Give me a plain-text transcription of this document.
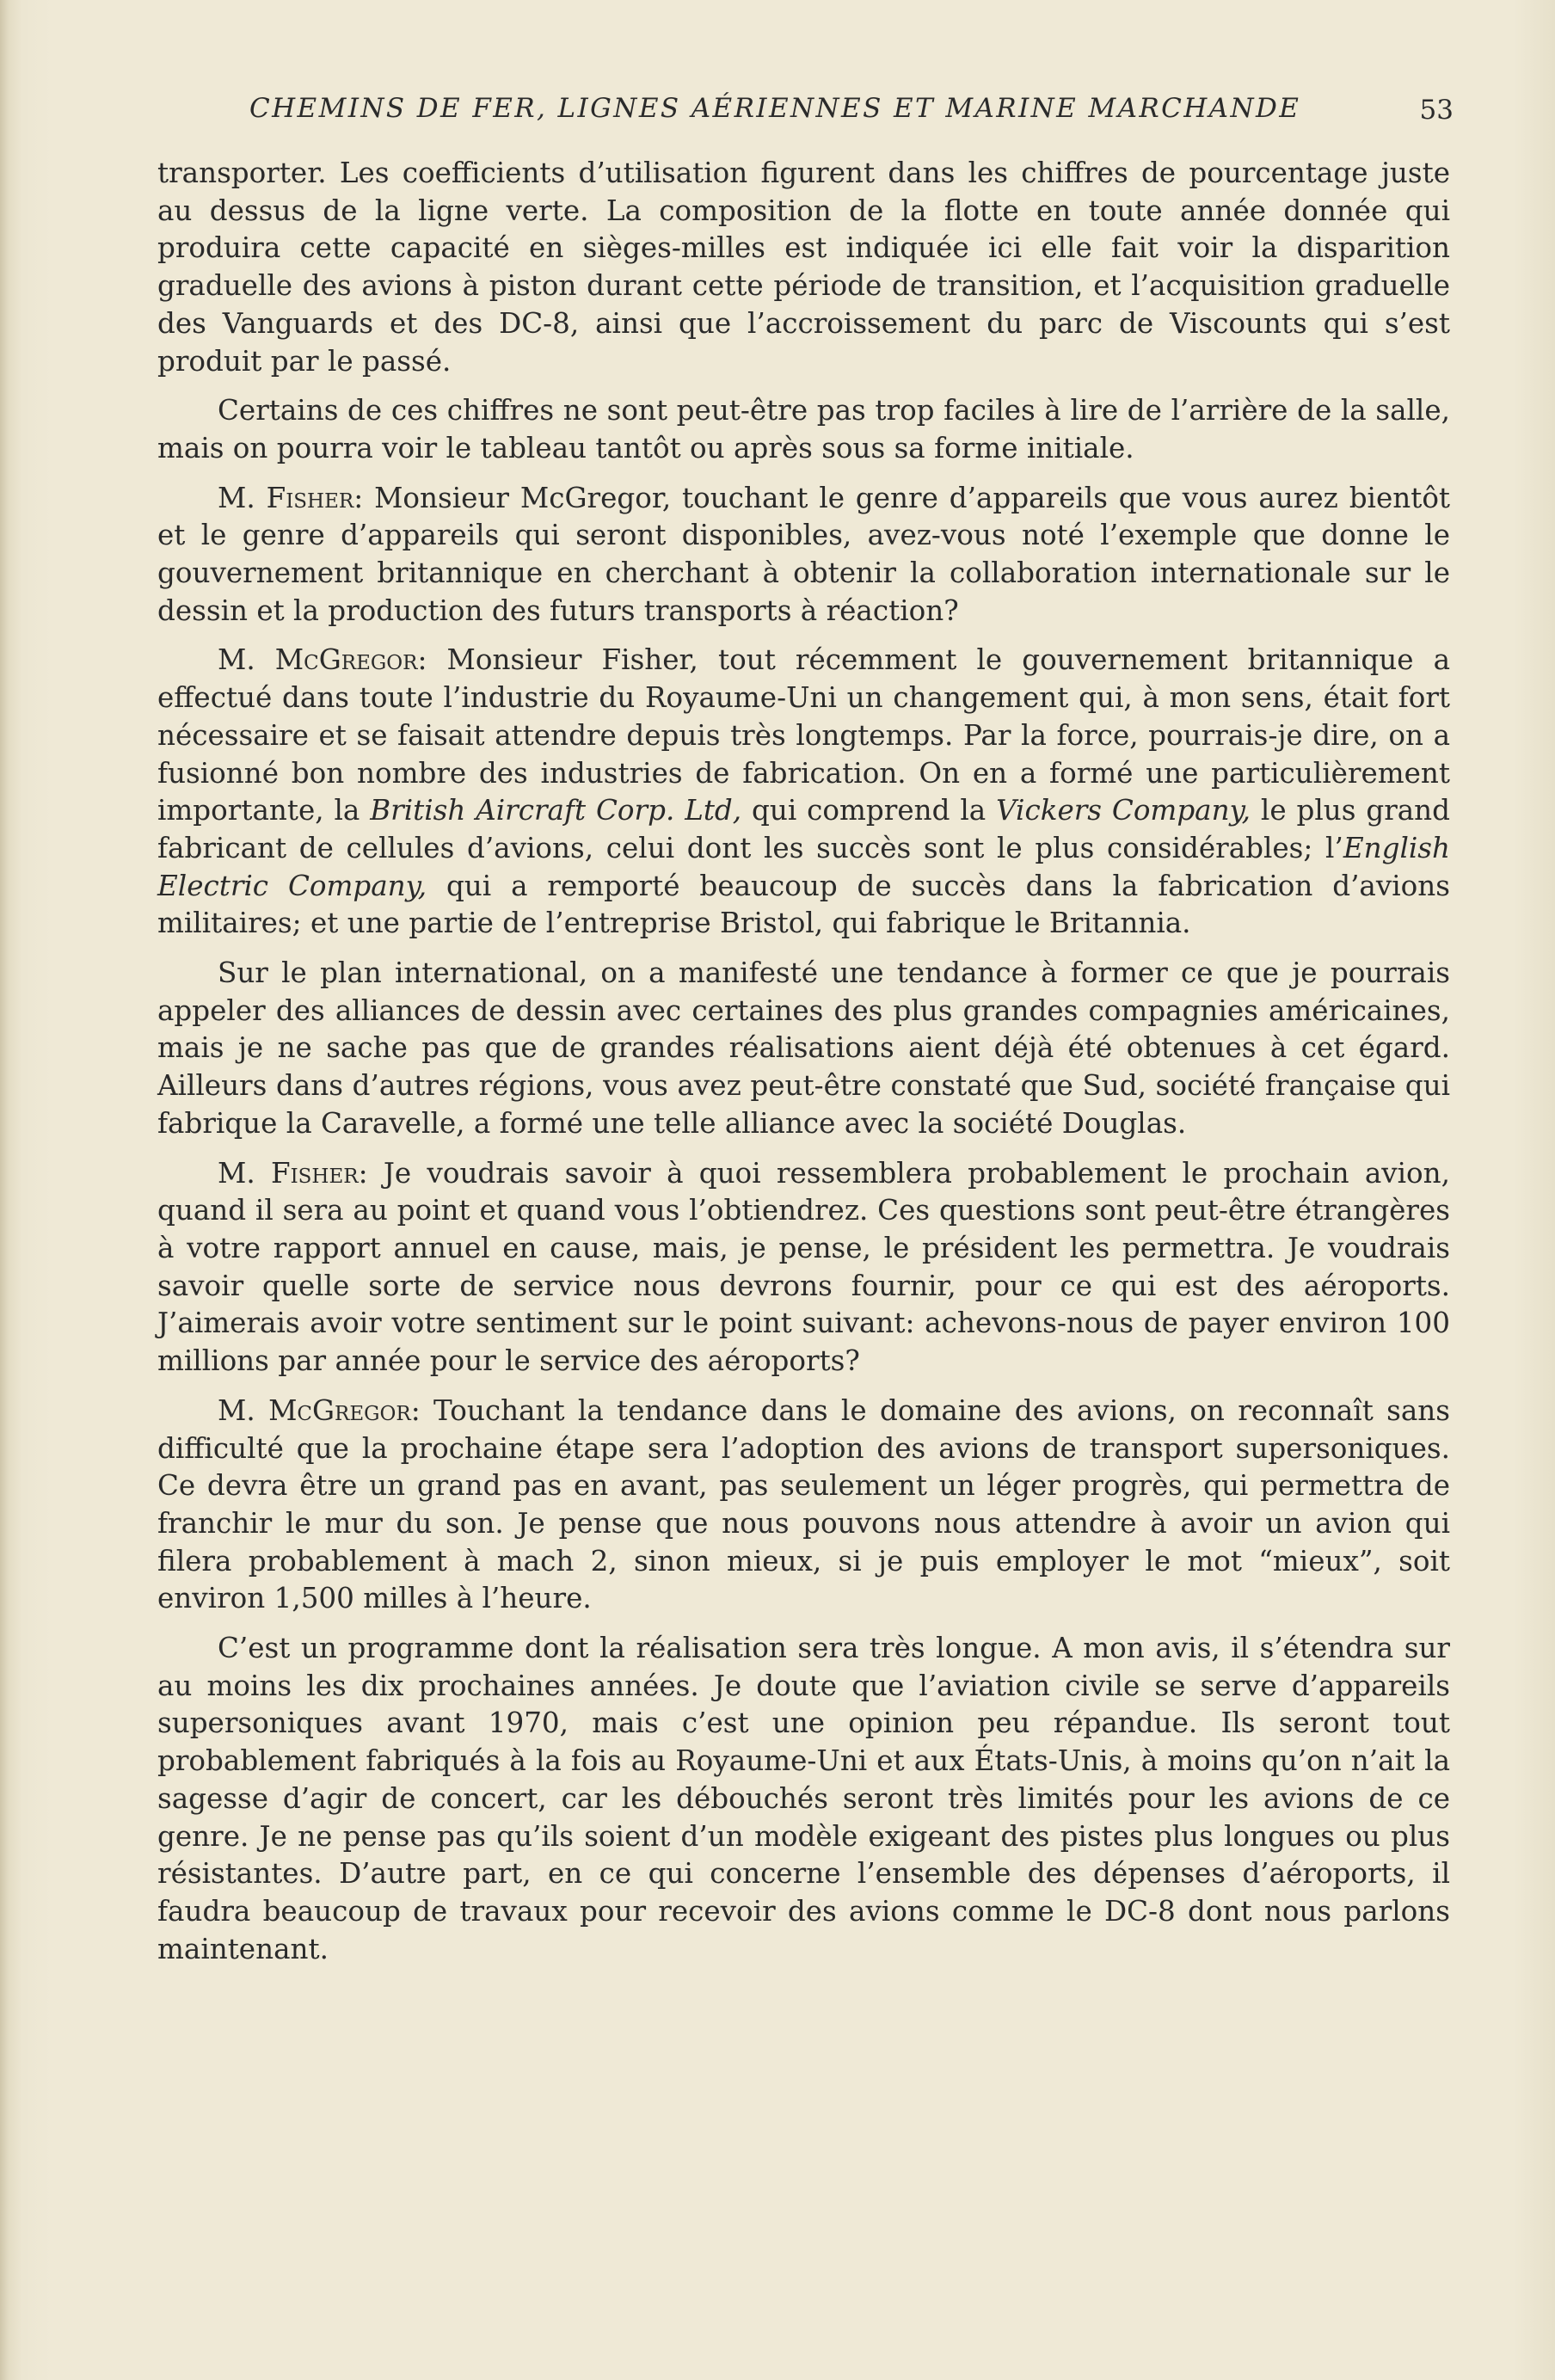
CHEMINS DE FER, LIGNES AÉRIENNES ET MARINE MARCHANDE	53

transporter. Les coefficients d’utilisation figurent dans les chiffres de pourcentage juste au dessus de la ligne verte. La composition de la flotte en toute année donnée qui produira cette capacité en sièges-milles est indiquée ici elle fait voir la disparition graduelle des avions à piston durant cette période de transition, et l’acquisition graduelle des Vanguards et des DC-8, ainsi que l’accroissement du parc de Viscounts qui s’est produit par le passé.

Certains de ces chiffres ne sont peut-être pas trop faciles à lire de l’arrière de la salle, mais on pourra voir le tableau tantôt ou après sous sa forme initiale.

M. Fisher: Monsieur McGregor, touchant le genre d’appareils que vous aurez bientôt et le genre d’appareils qui seront disponibles, avez-vous noté l’exemple que donne le gouvernement britannique en cherchant à obtenir la collaboration internationale sur le dessin et la production des futurs transports à réaction?

M. McGregor: Monsieur Fisher, tout récemment le gouvernement britannique a effectué dans toute l’industrie du Royaume-Uni un changement qui, à mon sens, était fort nécessaire et se faisait attendre depuis très longtemps. Par la force, pourrais-je dire, on a fusionné bon nombre des industries de fabrication. On en a formé une particulièrement importante, la British Aircraft Corp. Ltd, qui comprend la Vickers Company, le plus grand fabricant de cellules d’avions, celui dont les succès sont le plus considérables; l’English Electric Company, qui a remporté beaucoup de succès dans la fabrication d’avions militaires; et une partie de l’entreprise Bristol, qui fabrique le Britannia.

Sur le plan international, on a manifesté une tendance à former ce que je pourrais appeler des alliances de dessin avec certaines des plus grandes compagnies américaines, mais je ne sache pas que de grandes réalisations aient déjà été obtenues à cet égard. Ailleurs dans d’autres régions, vous avez peut-être constaté que Sud, société française qui fabrique la Caravelle, a formé une telle alliance avec la société Douglas.

M. Fisher: Je voudrais savoir à quoi ressemblera probablement le prochain avion, quand il sera au point et quand vous l’obtiendrez. Ces questions sont peut-être étrangères à votre rapport annuel en cause, mais, je pense, le président les permettra. Je voudrais savoir quelle sorte de service nous devrons fournir, pour ce qui est des aéroports. J’aimerais avoir votre sentiment sur le point suivant: achevons-nous de payer environ 100 millions par année pour le service des aéroports?

M. McGregor: Touchant la tendance dans le domaine des avions, on reconnaît sans difficulté que la prochaine étape sera l’adoption des avions de transport supersoniques. Ce devra être un grand pas en avant, pas seulement un léger progrès, qui permettra de franchir le mur du son. Je pense que nous pouvons nous attendre à avoir un avion qui filera probablement à mach 2, sinon mieux, si je puis employer le mot “mieux”, soit environ 1,500 milles à l’heure.

C’est un programme dont la réalisation sera très longue. A mon avis, il s’étendra sur au moins les dix prochaines années. Je doute que l’aviation civile se serve d’appareils supersoniques avant 1970, mais c’est une opinion peu répandue. Ils seront tout probablement fabriqués à la fois au Royaume-Uni et aux États-Unis, à moins qu’on n’ait la sagesse d’agir de concert, car les débouchés seront très limités pour les avions de ce genre. Je ne pense pas qu’ils soient d’un modèle exigeant des pistes plus longues ou plus résistantes. D’autre part, en ce qui concerne l’ensemble des dépenses d’aéroports, il faudra beaucoup de travaux pour recevoir des avions comme le DC-8 dont nous parlons maintenant.
